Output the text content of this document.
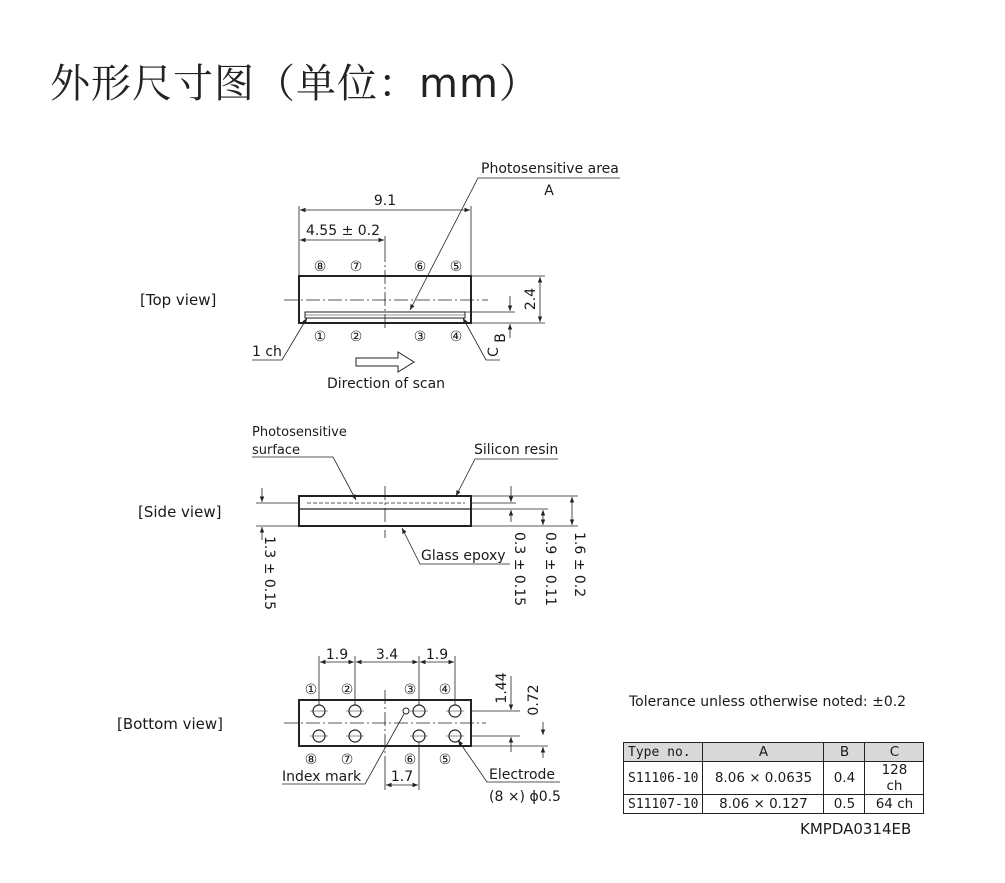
外形尺寸图（单位：mm）
[Top view]
[Side view]
[Bottom view]
⑧ ⑦	⑥ ⑤
① ②	③ ④
9.1
4.55 ± 0.2
2.4
B
C
1 ch
Photosensitive area
A
Direction of scan
Photosensitive
surface	Silicon resin
Glass epoxy
1.3 ± 0.15	0.3 ± 0.15 0.9 ± 0.11 1.6 ± 0.2
① ②	③ ④
⑧ ⑦	⑥ ⑤
1.9 3.4 1.9
1.44 0.72
1.7
Index mark	Electrode
(8 ×) ϕ0.5
Tolerance unless otherwise noted: ±0.2
Type no.	A	B	C
S11106-10	8.06 × 0.0635	0.4	128 ch
S11107-10	8.06 × 0.127	0.5	64 ch
KMPDA0314EB
